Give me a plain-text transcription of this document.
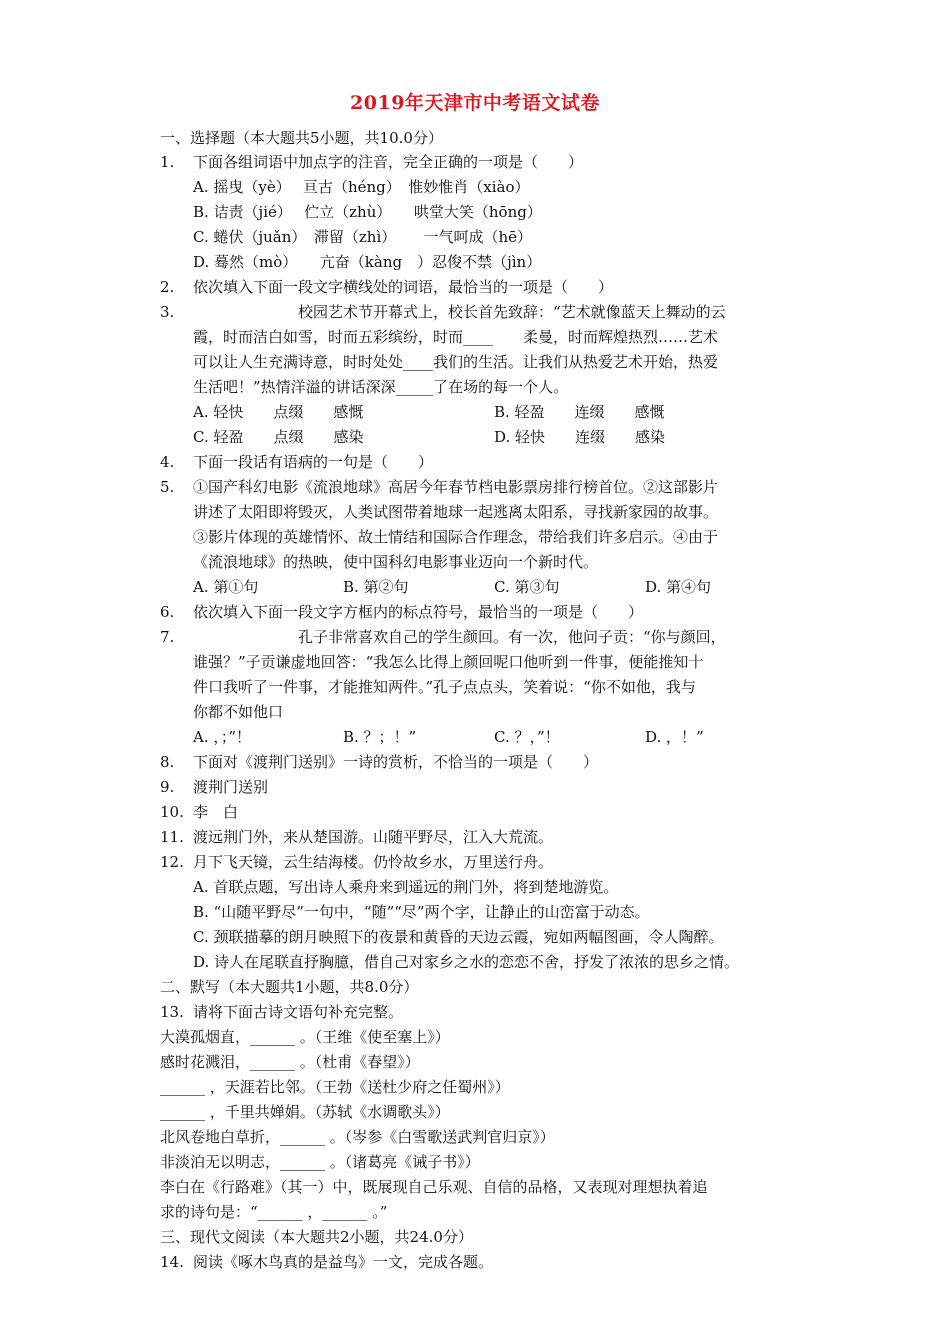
2019年天津市中考语文试卷
一、选择题（本大题共5小题，共10.0分）
1. 下面各组词语中加点字的注音，完全正确的一项是（　　）
A. 摇曳（yè）　 亘古（héng）　惟妙惟肖（xiào）
B. 诘责（jié）　 伫立（zhù）　　哄堂大笑（hōng）
C. 蜷伏（juǎn）　滞留（zhì）　　 一气呵成（hē）
D. 蓦然（mò）　　亢奋（kàng　）忍俊不禁（jìn）
2. 依次填入下面一段文字横线处的词语，最恰当的一项是（　　）
3. 　　　　　　　校园艺术节开幕式上，校长首先致辞：“艺术就像蓝天上舞动的云
霞，时而洁白如雪，时而五彩缤纷，时而____　　柔曼，时而辉煌热烈……艺术
可以让人生充满诗意，时时处处____我们的生活。让我们从热爱艺术开始，热爱
生活吧！”热情洋溢的讲话深深_____了在场的每一个人。
A. 轻快　　点缀　　感慨	B. 轻盈　　连缀　　感慨
C. 轻盈　　点缀　　感染	D. 轻快　　连缀　　感染
4. 下面一段话有语病的一句是（　　）
5. ①国产科幻电影《流浪地球》高居今年春节档电影票房排行榜首位。②这部影片
讲述了太阳即将毁灭，人类试图带着地球一起逃离太阳系，寻找新家园的故事。
③影片体现的英雄情怀、故土情结和国际合作理念，带给我们许多启示。④由于
《流浪地球》的热映，使中国科幻电影事业迈向一个新时代。
A. 第①句	B. 第②句	C. 第③句	D. 第④句
6. 依次填入下面一段文字方框内的标点符号，最恰当的一项是（　　）
7. 　　　　　　　孔子非常喜欢自己的学生颜回。有一次，他问子贡：“你与颜回，
谁强？”子贡谦虚地回答：“我怎么比得上颜回呢口他听到一件事，便能推知十
件口我听了一件事，才能推知两件。”孔子点点头，笑着说：“你不如他，我与
你都不如他口
A. ，；”！	B. ？；！”	C. ？，”！	D. ，！”
8. 下面对《渡荆门送别》一诗的赏析，不恰当的一项是（　　）
9. 渡荆门送别
10. 李　白
11. 渡远荆门外，来从楚国游。山随平野尽，江入大荒流。
12. 月下飞天镜，云生结海楼。仍怜故乡水，万里送行舟。
A. 首联点题，写出诗人乘舟来到遥远的荆门外，将到楚地游览。
B. “山随平野尽”一句中，“随”“尽”两个字，让静止的山峦富于动态。
C. 颈联描摹的朗月映照下的夜景和黄昏的天边云霞，宛如两幅图画，令人陶醉。
D. 诗人在尾联直抒胸臆，借自己对家乡之水的恋恋不舍，抒发了浓浓的思乡之情。
二、默写（本大题共1小题，共8.0分）
13. 请将下面古诗文语句补充完整。
大漠孤烟直，______ 。（王维《使至塞上》）
感时花溅泪，______ 。（杜甫《春望》）
______ ，天涯若比邻。（王勃《送杜少府之任蜀州》）
______ ，千里共婵娟。（苏轼《水调歌头》）
北风卷地白草折，______ 。（岑参《白雪歌送武判官归京》）
非淡泊无以明志，______ 。（诸葛亮《诫子书》）
李白在《行路难》（其一）中，既展现自己乐观、自信的品格，又表现对理想执着追
求的诗句是：“______ ，______ 。”
三、现代文阅读（本大题共2小题，共24.0分）
14. 阅读《啄木鸟真的是益鸟》一文，完成各题。
